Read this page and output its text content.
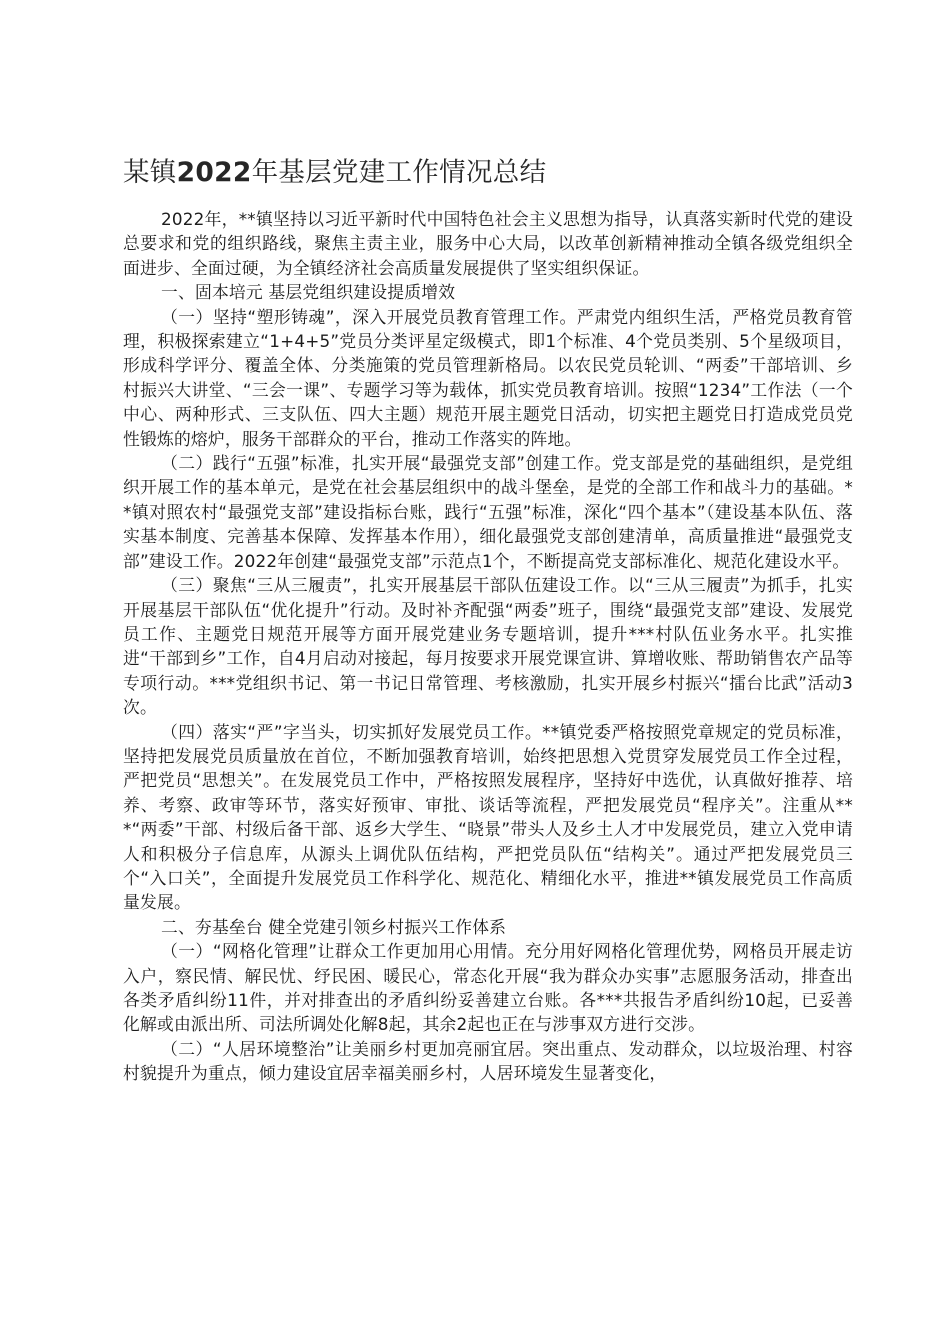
某镇2022年基层党建工作情况总结

2022年，**镇坚持以习近平新时代中国特色社会主义思想为指导，认真落实新时代党的建设总要求和党的组织路线，聚焦主责主业，服务中心大局，以改革创新精神推动全镇各级党组织全面进步、全面过硬，为全镇经济社会高质量发展提供了坚实组织保证。

一、固本培元 基层党组织建设提质增效

（一）坚持“塑形铸魂”，深入开展党员教育管理工作。严肃党内组织生活，严格党员教育管理，积极探索建立“1+4+5”党员分类评星定级模式，即1个标准、4个党员类别、5个星级项目，形成科学评分、覆盖全体、分类施策的党员管理新格局。以农民党员轮训、“两委”干部培训、乡村振兴大讲堂、“三会一课”、专题学习等为载体，抓实党员教育培训。按照“1234”工作法（一个中心、两种形式、三支队伍、四大主题）规范开展主题党日活动，切实把主题党日打造成党员党性锻炼的熔炉，服务干部群众的平台，推动工作落实的阵地。

（二）践行“五强”标准，扎实开展“最强党支部”创建工作。党支部是党的基础组织，是党组织开展工作的基本单元，是党在社会基层组织中的战斗堡垒，是党的全部工作和战斗力的基础。**镇对照农村“最强党支部”建设指标台账，践行“五强”标准，深化“四个基本”（建设基本队伍、落实基本制度、完善基本保障、发挥基本作用），细化最强党支部创建清单，高质量推进“最强党支部”建设工作。2022年创建“最强党支部”示范点1个，不断提高党支部标准化、规范化建设水平。

（三）聚焦“三从三履责”，扎实开展基层干部队伍建设工作。以“三从三履责”为抓手，扎实开展基层干部队伍“优化提升”行动。及时补齐配强“两委”班子，围绕“最强党支部”建设、发展党员工作、主题党日规范开展等方面开展党建业务专题培训，提升***村队伍业务水平。扎实推进“干部到乡”工作，自4月启动对接起，每月按要求开展党课宣讲、算增收账、帮助销售农产品等专项行动。***党组织书记、第一书记日常管理、考核激励，扎实开展乡村振兴“擂台比武”活动3次。

（四）落实“严”字当头，切实抓好发展党员工作。**镇党委严格按照党章规定的党员标准，坚持把发展党员质量放在首位，不断加强教育培训，始终把思想入党贯穿发展党员工作全过程，严把党员“思想关”。在发展党员工作中，严格按照发展程序，坚持好中选优，认真做好推荐、培养、考察、政审等环节，落实好预审、审批、谈话等流程，严把发展党员“程序关”。注重从***“两委”干部、村级后备干部、返乡大学生、“晓景”带头人及乡土人才中发展党员，建立入党申请人和积极分子信息库，从源头上调优队伍结构，严把党员队伍“结构关”。通过严把发展党员三个“入口关”，全面提升发展党员工作科学化、规范化、精细化水平，推进**镇发展党员工作高质量发展。

二、夯基垒台 健全党建引领乡村振兴工作体系

（一）“网格化管理”让群众工作更加用心用情。充分用好网格化管理优势，网格员开展走访入户，察民情、解民忧、纾民困、暖民心，常态化开展“我为群众办实事”志愿服务活动，排查出各类矛盾纠纷11件，并对排查出的矛盾纠纷妥善建立台账。各***共报告矛盾纠纷10起，已妥善化解或由派出所、司法所调处化解8起，其余2起也正在与涉事双方进行交涉。

（二）“人居环境整治”让美丽乡村更加亮丽宜居。突出重点、发动群众，以垃圾治理、村容村貌提升为重点，倾力建设宜居幸福美丽乡村，人居环境发生显著变化，
